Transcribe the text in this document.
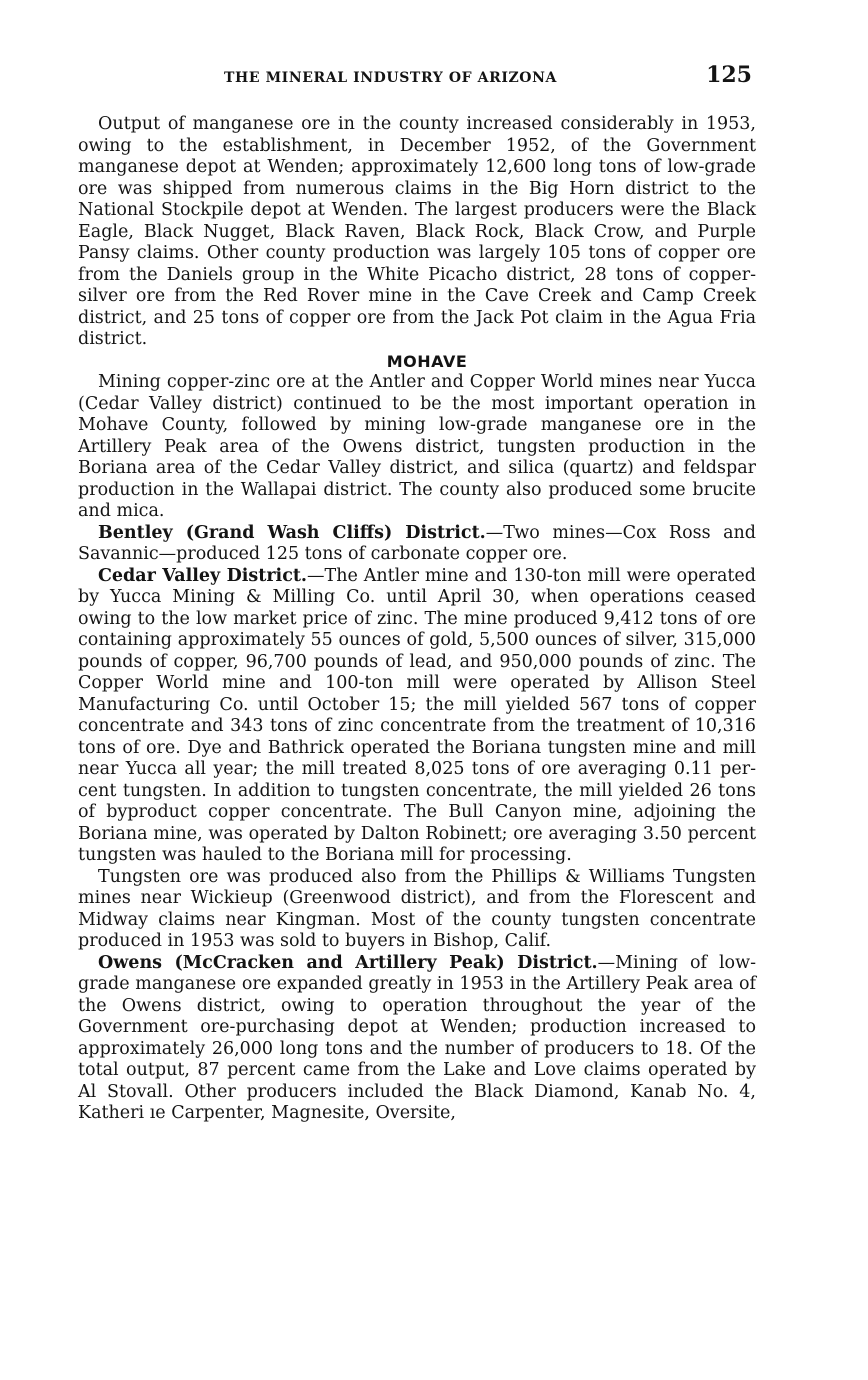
THE MINERAL INDUSTRY OF ARIZONA	125

Output of manganese ore in the county increased considerably in 1953, owing to the establishment, in December 1952, of the Government manganese depot at Wenden; approximately 12,600 long tons of low-grade ore was shipped from numerous claims in the Big Horn district to the National Stockpile depot at Wenden. The largest producers were the Black Eagle, Black Nugget, Black Raven, Black Rock, Black Crow, and Purple Pansy claims. Other county production was largely 105 tons of copper ore from the Daniels group in the White Picacho district, 28 tons of copper-silver ore from the Red Rover mine in the Cave Creek and Camp Creek district, and 25 tons of copper ore from the Jack Pot claim in the Agua Fria district.

MOHAVE

Mining copper-zinc ore at the Antler and Copper World mines near Yucca (Cedar Valley district) continued to be the most important operation in Mohave County, followed by mining low-grade manganese ore in the Artillery Peak area of the Owens district, tungsten production in the Boriana area of the Cedar Valley district, and silica (quartz) and feldspar production in the Wallapai district. The county also produced some brucite and mica.

Bentley (Grand Wash Cliffs) District.—Two mines—Cox Ross and Savannic—produced 125 tons of carbonate copper ore.

Cedar Valley District.—The Antler mine and 130-ton mill were operated by Yucca Mining & Milling Co. until April 30, when operations ceased owing to the low market price of zinc. The mine produced 9,412 tons of ore containing approximately 55 ounces of gold, 5,500 ounces of silver, 315,000 pounds of copper, 96,700 pounds of lead, and 950,000 pounds of zinc. The Copper World mine and 100-ton mill were operated by Allison Steel Manufacturing Co. until October 15; the mill yielded 567 tons of copper concentrate and 343 tons of zinc concentrate from the treatment of 10,316 tons of ore. Dye and Bathrick operated the Boriana tungsten mine and mill near Yucca all year; the mill treated 8,025 tons of ore averaging 0.11 percent tungsten. In addition to tungsten concentrate, the mill yielded 26 tons of byproduct copper concentrate. The Bull Canyon mine, adjoining the Boriana mine, was operated by Dalton Robinett; ore averaging 3.50 percent tungsten was hauled to the Boriana mill for processing.

Tungsten ore was produced also from the Phillips & Williams Tungsten mines near Wickieup (Greenwood district), and from the Florescent and Midway claims near Kingman. Most of the county tungsten concentrate produced in 1953 was sold to buyers in Bishop, Calif.

Owens (McCracken and Artillery Peak) District.—Mining of low-grade manganese ore expanded greatly in 1953 in the Artillery Peak area of the Owens district, owing to operation throughout the year of the Government ore-purchasing depot at Wenden; production increased to approximately 26,000 long tons and the number of producers to 18. Of the total output, 87 percent came from the Lake and Love claims operated by Al Stovall. Other producers included the Black Diamond, Kanab No. 4, Katheri ıe Carpenter, Magnesite, Oversite,
